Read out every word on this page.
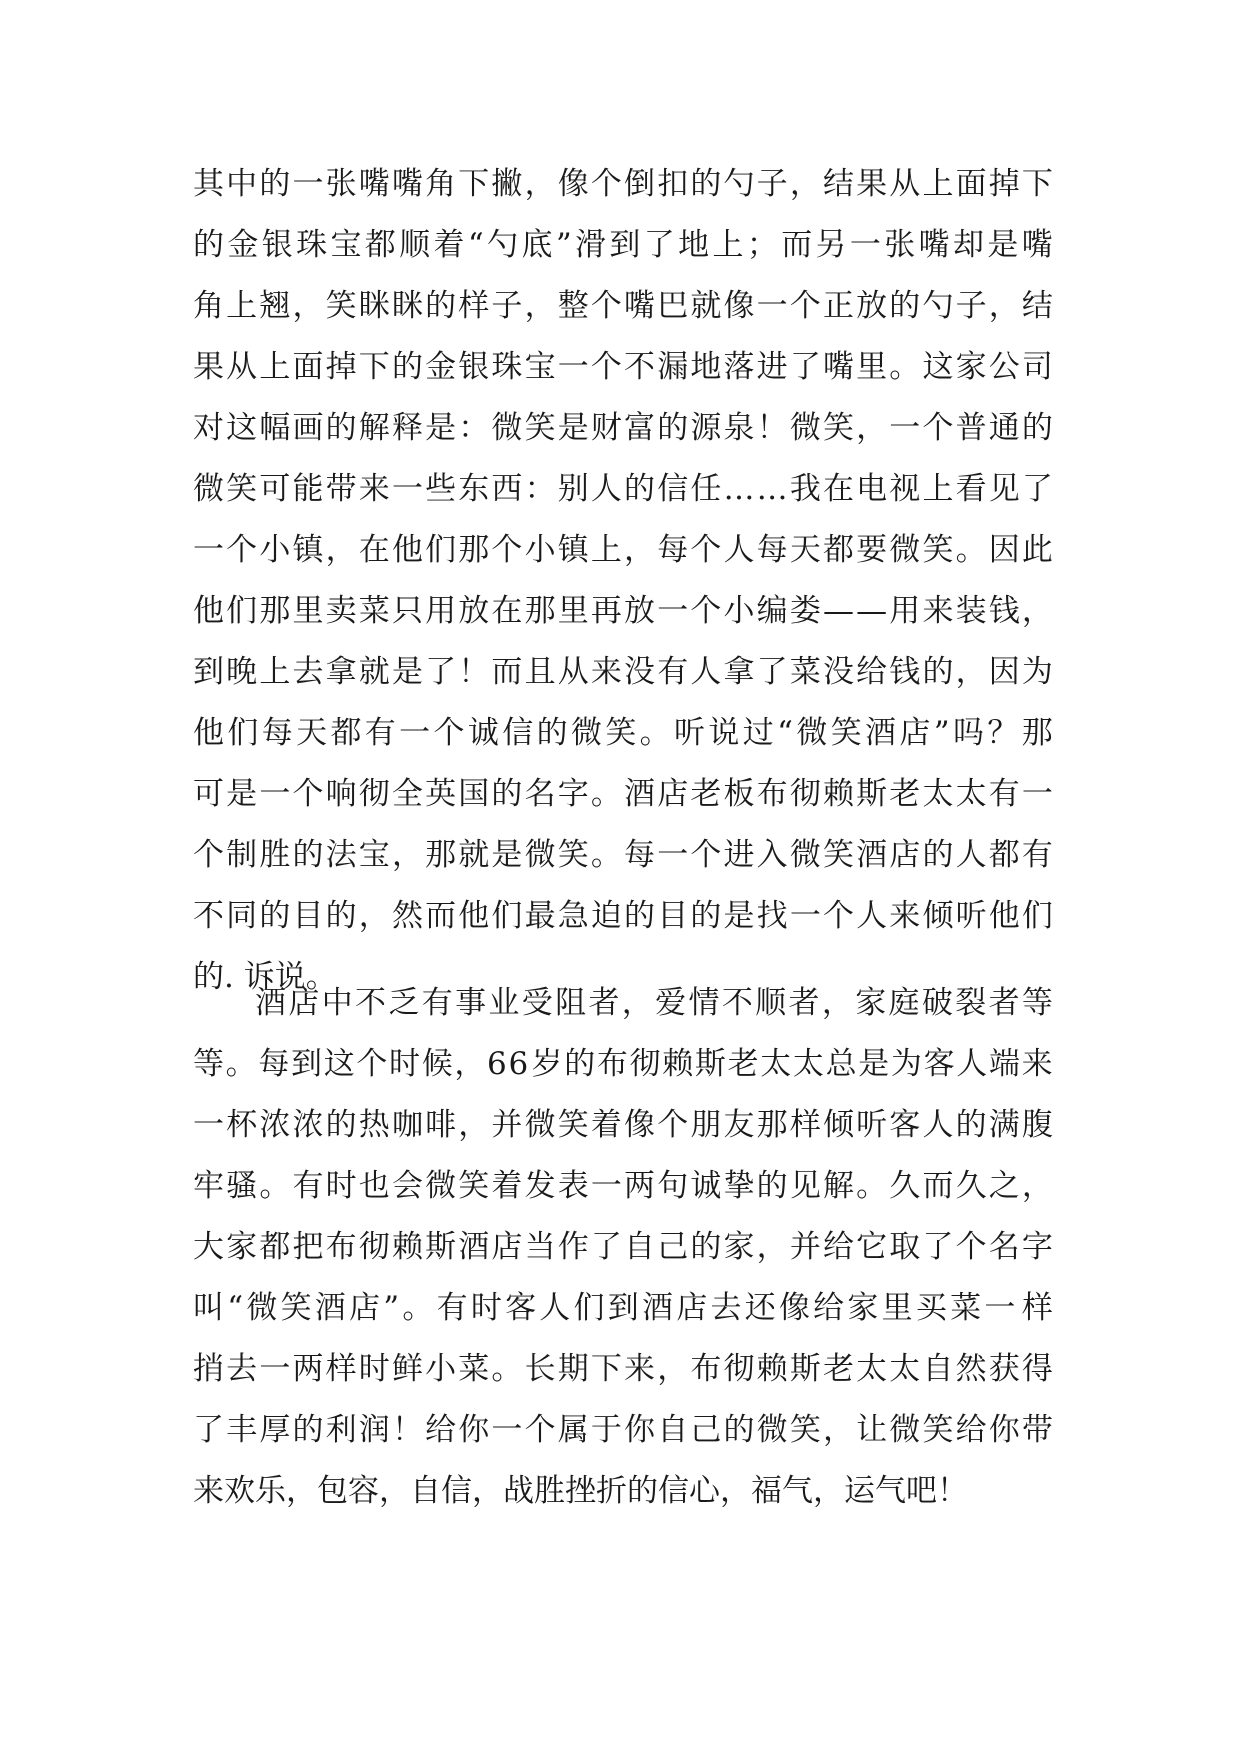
其 中 的 一 张 嘴 嘴 角 下 撇 ， 像 个 倒 扣 的 勺 子 ， 结 果 从 上 面 掉 下
的 金 银 珠 宝 都 顺 着 “ 勺 底 ” 滑 到 了 地 上 ； 而 另 一 张 嘴 却 是 嘴
角 上 翘 ， 笑 眯 眯 的 样 子 ， 整 个 嘴 巴 就 像 一 个 正 放 的 勺 子 ， 结
果 从 上 面 掉 下 的 金 银 珠 宝 一 个 不 漏 地 落 进 了 嘴 里 。 这 家 公 司
对 这 幅 画 的 解 释 是 ： 微 笑 是 财 富 的 源 泉 ！ 微 笑 ， 一 个 普 通 的
微 笑 可 能 带 来 一 些 东 西 ： 别 人 的 信 任 … … 我 在 电 视 上 看 见 了
一 个 小 镇 ， 在 他 们 那 个 小 镇 上 ， 每 个 人 每 天 都 要 微 笑 。 因 此
他 们 那 里 卖 菜 只 用 放 在 那 里 再 放 一 个 小 编 娄 — — 用 来 装 钱 ，
到 晚 上 去 拿 就 是 了 ！ 而 且 从 来 没 有 人 拿 了 菜 没 给 钱 的 ， 因 为
他 们 每 天 都 有 一 个 诚 信 的 微 笑 。 听 说 过 “ 微 笑 酒 店 ” 吗 ？ 那
可 是 一 个 响 彻 全 英 国 的 名 字 。 酒 店 老 板 布 彻 赖 斯 老 太 太 有 一
个 制 胜 的 法 宝 ， 那 就 是 微 笑 。 每 一 个 进 入 微 笑 酒 店 的 人 都 有
不 同 的 目 的 ， 然 而 他 们 最 急 迫 的 目 的 是 找 一 个 人 来 倾 听 他 们
的. 诉说。
酒 店 中 不 乏 有 事 业 受 阻 者 ， 爱 情 不 顺 者 ， 家 庭 破 裂 者 等
等 。 每 到 这 个 时 候 ， 6 6 岁 的 布 彻 赖 斯 老 太 太 总 是 为 客 人 端 来
一 杯 浓 浓 的 热 咖 啡 ， 并 微 笑 着 像 个 朋 友 那 样 倾 听 客 人 的 满 腹
牢 骚 。 有 时 也 会 微 笑 着 发 表 一 两 句 诚 挚 的 见 解 。 久 而 久 之 ，
大 家 都 把 布 彻 赖 斯 酒 店 当 作 了 自 己 的 家 ， 并 给 它 取 了 个 名 字
叫 “ 微 笑 酒 店 ” 。 有 时 客 人 们 到 酒 店 去 还 像 给 家 里 买 菜 一 样
捎 去 一 两 样 时 鲜 小 菜 。 长 期 下 来 ， 布 彻 赖 斯 老 太 太 自 然 获 得
了 丰 厚 的 利 润 ！ 给 你 一 个 属 于 你 自 己 的 微 笑 ， 让 微 笑 给 你 带
来欢乐，包容，自信，战胜挫折的信心，福气，运气吧！
